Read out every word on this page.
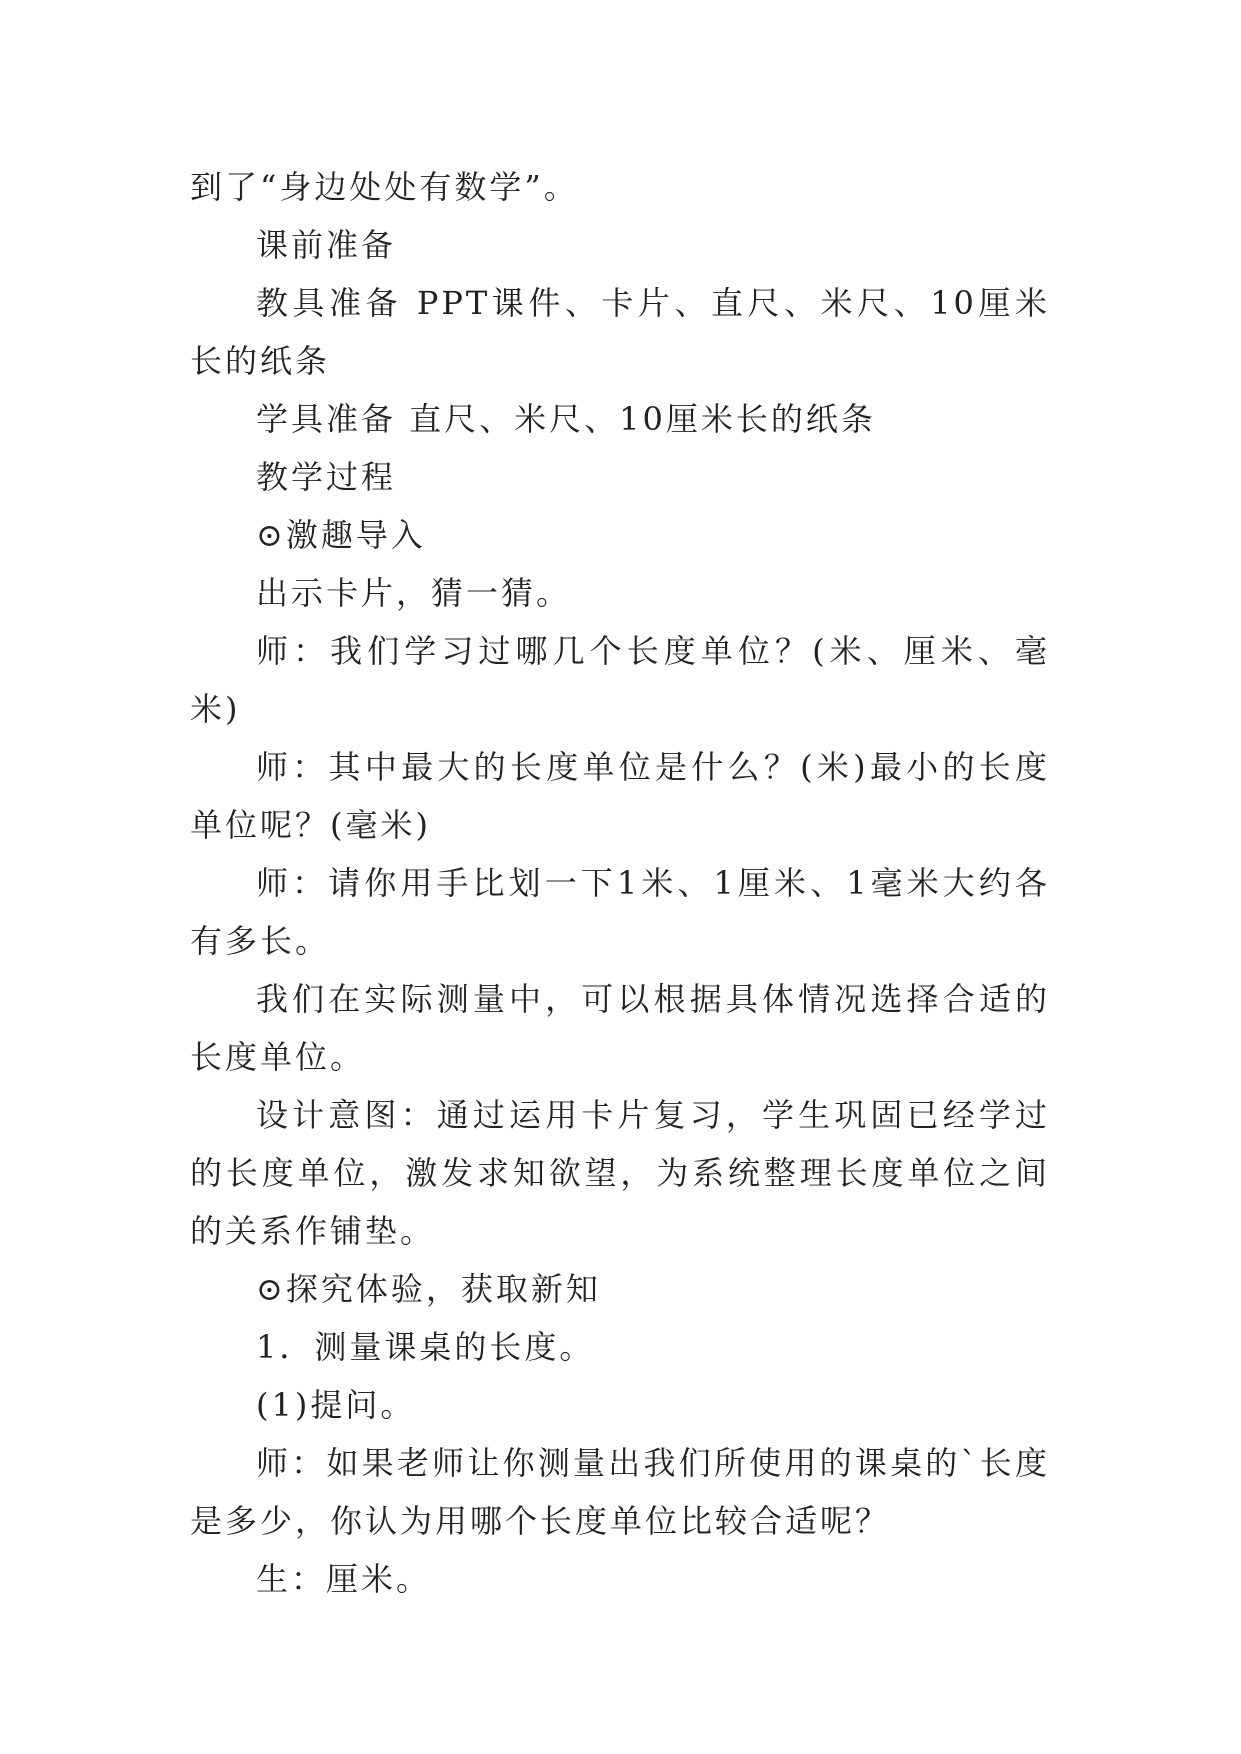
到了“身边处处有数学”。

课前准备

教具准备 PPT课件、卡片、直尺、米尺、10厘米长的纸条

学具准备 直尺、米尺、10厘米长的纸条

教学过程

⊙激趣导入

出示卡片，猜一猜。

师：我们学习过哪几个长度单位？(米、厘米、毫米)

师：其中最大的长度单位是什么？(米)最小的长度单位呢？(毫米)

师：请你用手比划一下1米、1厘米、1毫米大约各有多长。

我们在实际测量中，可以根据具体情况选择合适的长度单位。

设计意图：通过运用卡片复习，学生巩固已经学过的长度单位，激发求知欲望，为系统整理长度单位之间的关系作铺垫。

⊙探究体验，获取新知

1．测量课桌的长度。

(1)提问。

师：如果老师让你测量出我们所使用的课桌的`长度是多少，你认为用哪个长度单位比较合适呢？

生：厘米。
